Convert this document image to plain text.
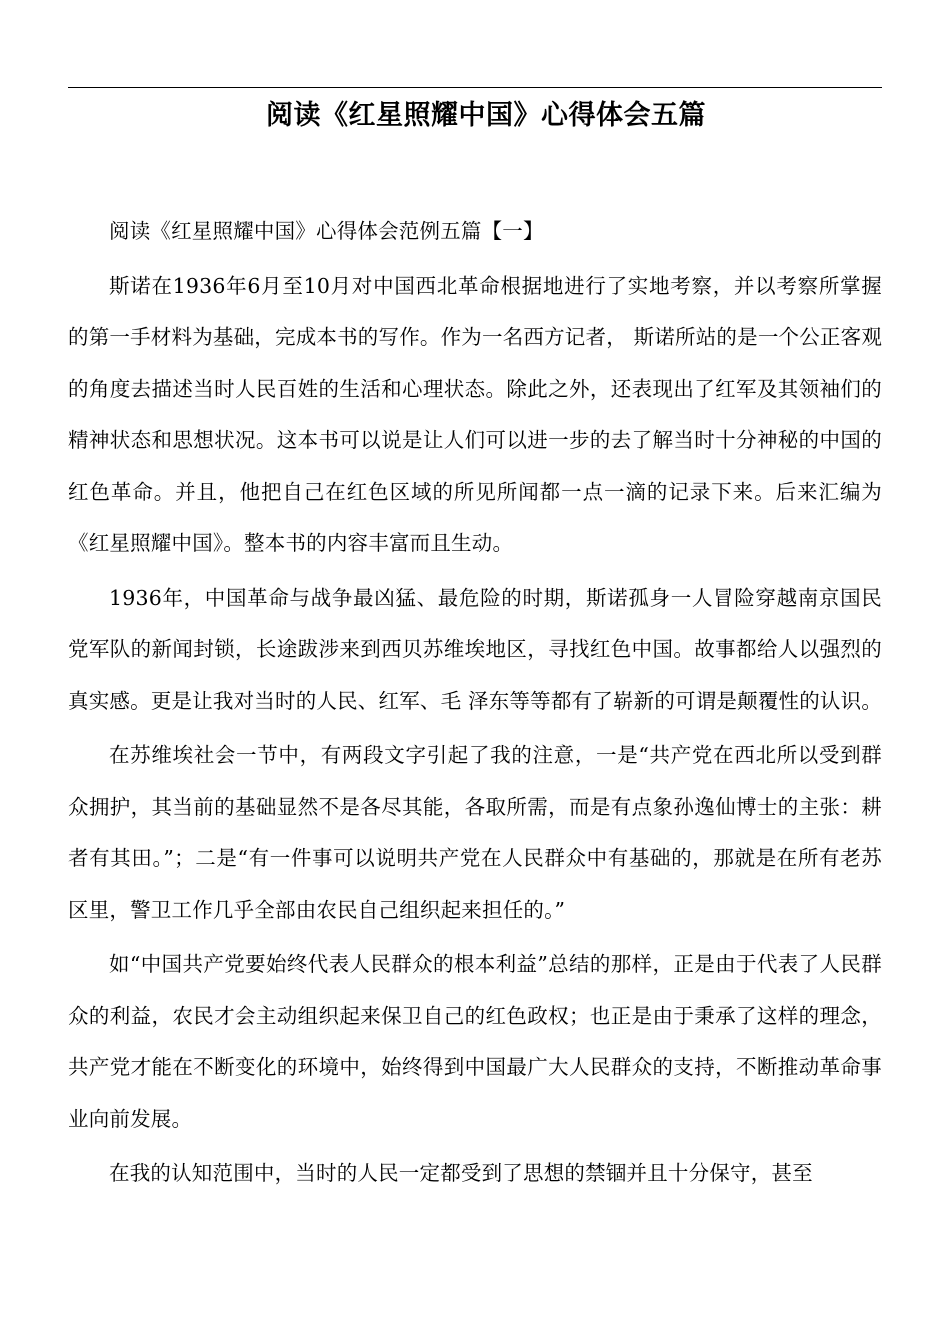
阅读《红星照耀中国》心得体会五篇

阅读《红星照耀中国》心得体会范例五篇【一】

斯诺在1936年6月至10月对中国西北革命根据地进行了实地考察，并以考察所掌握的第一手材料为基础，完成本书的写作。作为一名西方记者， 斯诺所站的是一个公正客观的角度去描述当时人民百姓的生活和心理状态。除此之外，还表现出了红军及其领袖们的精神状态和思想状况。这本书可以说是让人们可以进一步的去了解当时十分神秘的中国的红色革命。并且，他把自己在红色区域的所见所闻都一点一滴的记录下来。后来汇编为《红星照耀中国》。整本书的内容丰富而且生动。

1936年，中国革命与战争最凶猛、最危险的时期，斯诺孤身一人冒险穿越南京国民党军队的新闻封锁，长途跋涉来到西贝苏维埃地区，寻找红色中国。故事都给人以强烈的真实感。更是让我对当时的人民、红军、毛 泽东等等都有了崭新的可谓是颠覆性的认识。

在苏维埃社会一节中，有两段文字引起了我的注意，一是“共产党在西北所以受到群众拥护，其当前的基础显然不是各尽其能，各取所需，而是有点象孙逸仙博士的主张：耕者有其田。”；二是“有一件事可以说明共产党在人民群众中有基础的，那就是在所有老苏区里，警卫工作几乎全部由农民自己组织起来担任的。”

如“中国共产党要始终代表人民群众的根本利益”总结的那样，正是由于代表了人民群众的利益，农民才会主动组织起来保卫自己的红色政权；也正是由于秉承了这样的理念，共产党才能在不断变化的环境中，始终得到中国最广大人民群众的支持，不断推动革命事业向前发展。

在我的认知范围中，当时的人民一定都受到了思想的禁锢并且十分保守，甚至
